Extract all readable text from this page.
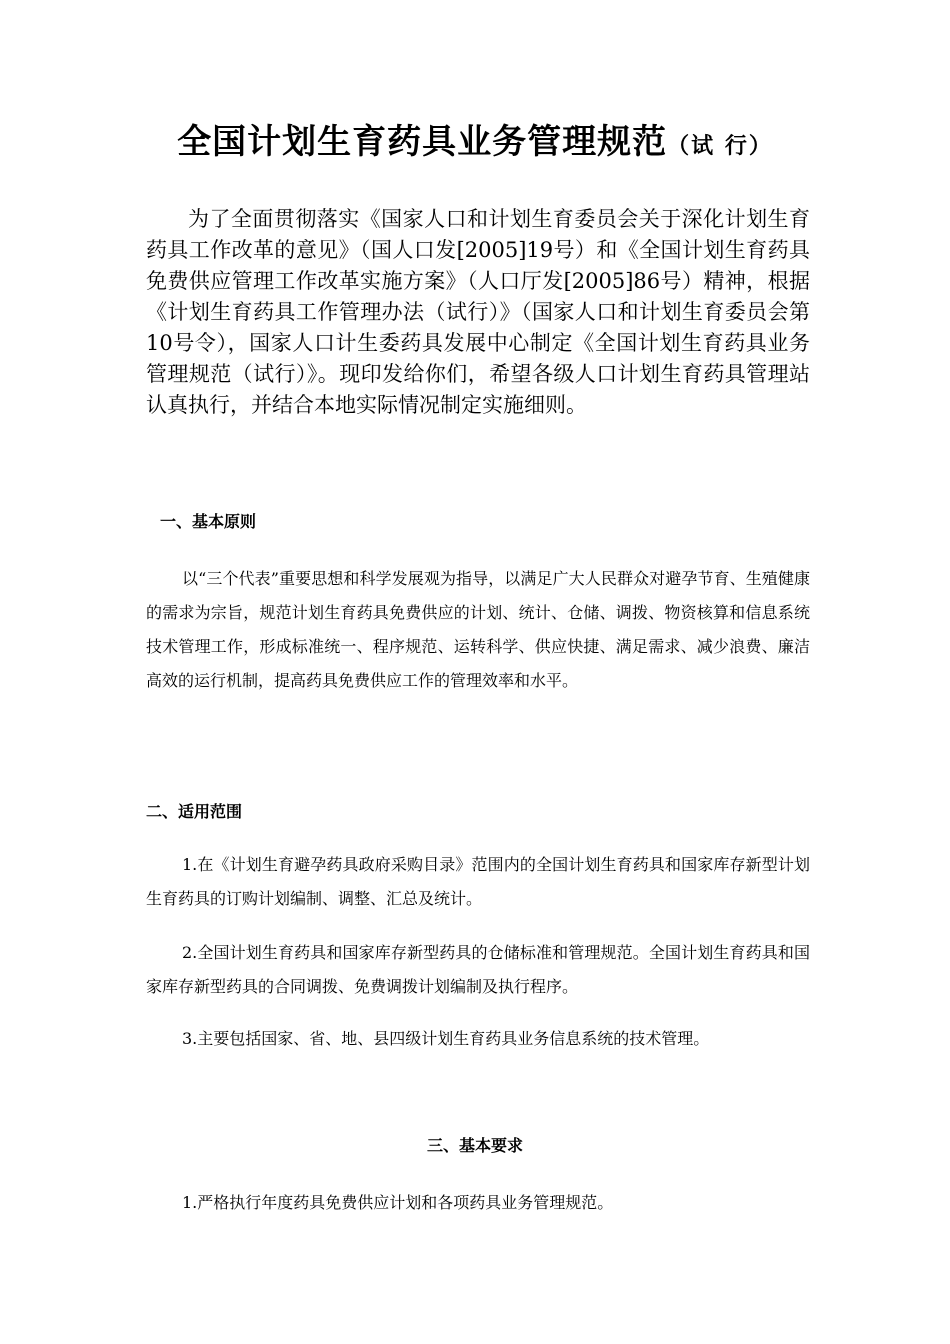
全国计划生育药具业务管理规范（试 行）

为了全面贯彻落实《国家人口和计划生育委员会关于深化计划生育药具工作改革的意见》（国人口发[2005]19号）和《全国计划生育药具免费供应管理工作改革实施方案》（人口厅发[2005]86号）精神，根据《计划生育药具工作管理办法（试行）》（国家人口和计划生育委员会第10号令），国家人口计生委药具发展中心制定《全国计划生育药具业务管理规范（试行）》。现印发给你们，希望各级人口计划生育药具管理站认真执行，并结合本地实际情况制定实施细则。

一、基本原则

以“三个代表”重要思想和科学发展观为指导，以满足广大人民群众对避孕节育、生殖健康的需求为宗旨，规范计划生育药具免费供应的计划、统计、仓储、调拨、物资核算和信息系统技术管理工作，形成标准统一、程序规范、运转科学、供应快捷、满足需求、减少浪费、廉洁高效的运行机制，提高药具免费供应工作的管理效率和水平。

二、适用范围

1.在《计划生育避孕药具政府采购目录》范围内的全国计划生育药具和国家库存新型计划生育药具的订购计划编制、调整、汇总及统计。

2.全国计划生育药具和国家库存新型药具的仓储标准和管理规范。全国计划生育药具和国家库存新型药具的合同调拨、免费调拨计划编制及执行程序。

3.主要包括国家、省、地、县四级计划生育药具业务信息系统的技术管理。

三、基本要求

1.严格执行年度药具免费供应计划和各项药具业务管理规范。
